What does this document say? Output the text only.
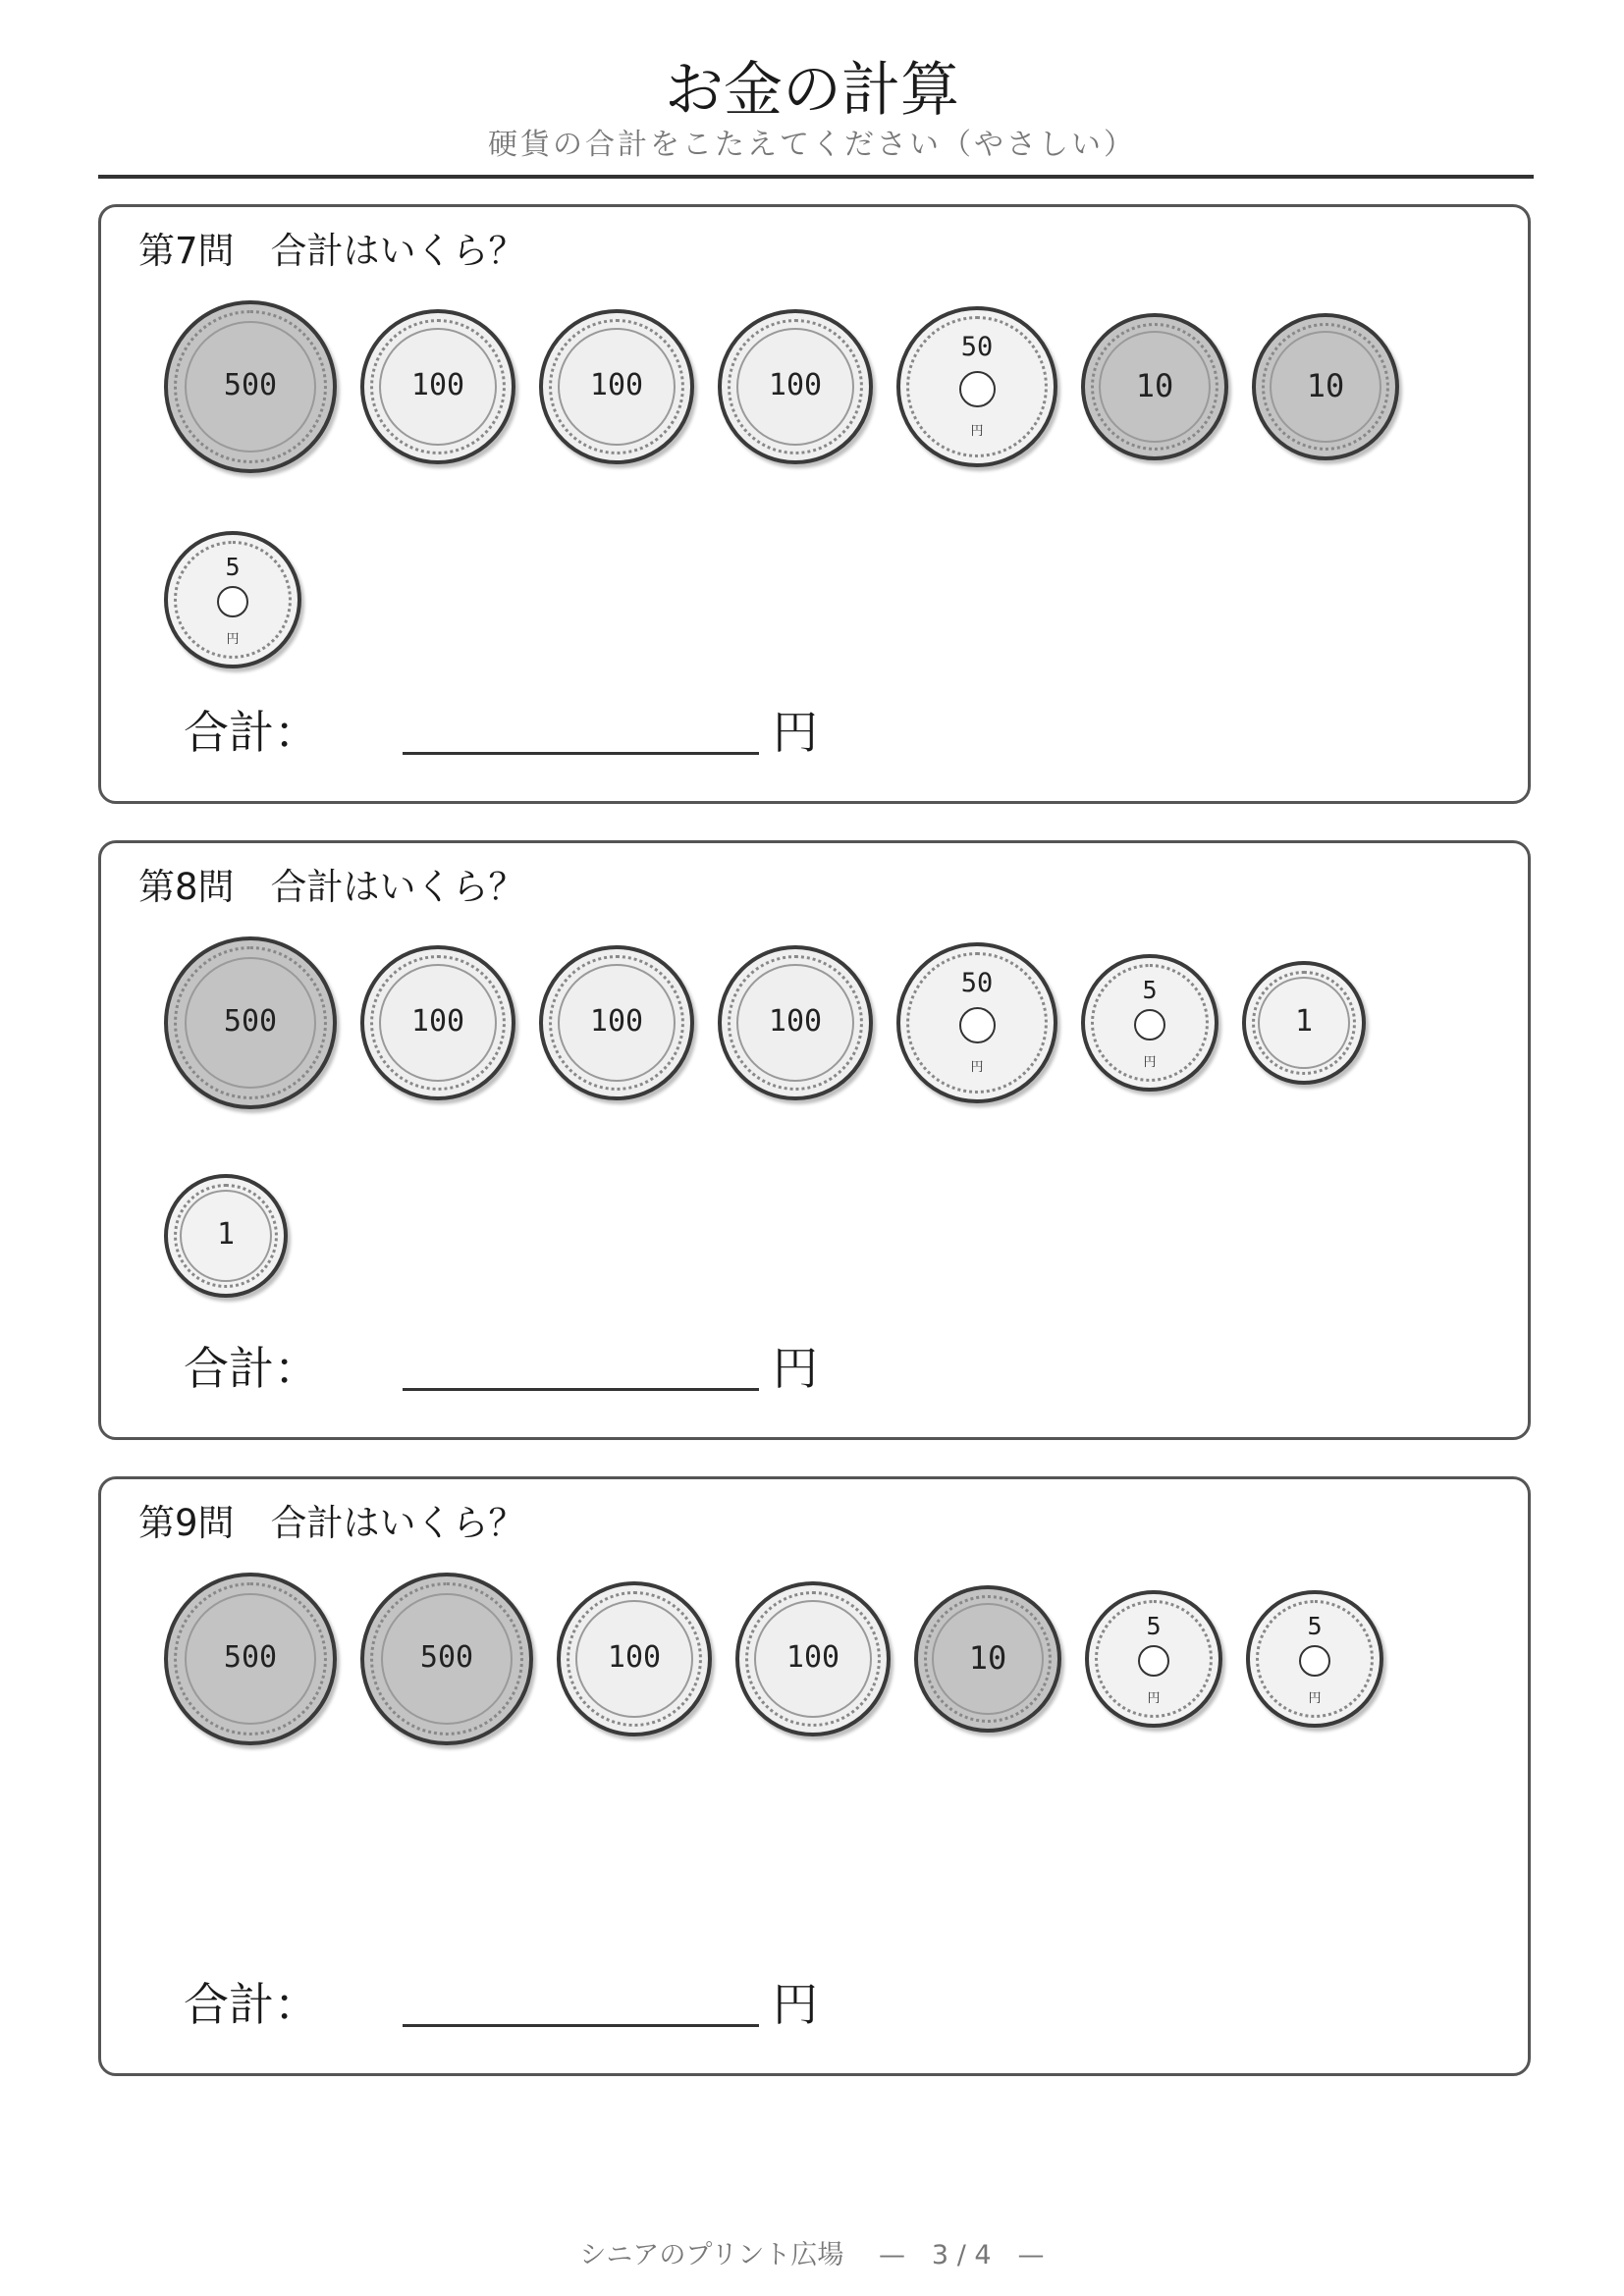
お金の計算
硬貨の合計をこたえてください（やさしい）
第7問　合計はいくら？
500	100	100	100
50
円
10	10
5
円
合計：	円
第8問　合計はいくら？
500	100	100	100
50
円
5
円
1
1
合計：	円
第9問　合計はいくら？
500	500	100	100	10
5
円
5
円
合計：	円
シニアのプリント広場　 —　3 / 4　—
